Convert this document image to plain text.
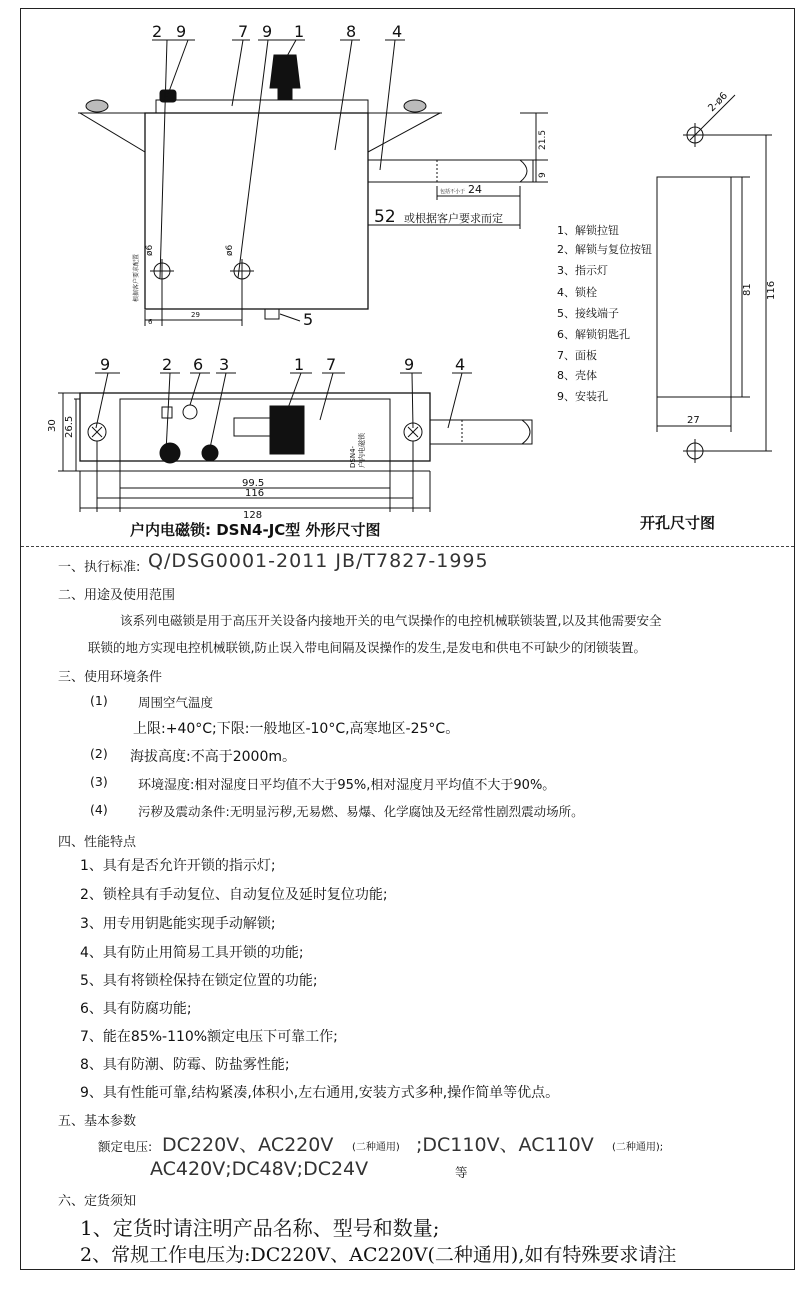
2 9	7 9 1	8 4
5
52 或根据客户要求而定
24
包括不小于
6
29
21.5
9
ø6	ø6
根据客户要求配置
9	2 6 3	1 7	9	4
99.5
116
128
30 26.5
DSN4- 户内电磁锁
户内电磁锁: DSN4-JC型 外形尺寸图	开孔尺寸图
2-ø6
81 116
27
1、解锁拉钮
2、解锁与复位按钮
3、指示灯
4、锁栓
5、接线端子
6、解锁钥匙孔
7、面板
8、壳体
9、安装孔
一、执行标准: Q/DSG0001-2011 JB/T7827-1995
二、用途及使用范围
该系列电磁锁是用于高压开关设备内接地开关的电气误操作的电控机械联锁装置,以及其他需要安全
联锁的地方实现电控机械联锁,防止误入带电间隔及误操作的发生,是发电和供电不可缺少的闭锁装置。
三、使用环境条件
(1) 周围空气温度
上限:+40°C;下限:一般地区-10°C,高寒地区-25°C。
(2) 海拔高度:不高于2000m。
(3) 环境湿度:相对湿度日平均值不大于95%,相对湿度月平均值不大于90%。
(4) 污秽及震动条件:无明显污秽,无易燃、易爆、化学腐蚀及无经常性剧烈震动场所。
四、性能特点
1、具有是否允许开锁的指示灯;
2、锁栓具有手动复位、自动复位及延时复位功能;
3、用专用钥匙能实现手动解锁;
4、具有防止用简易工具开锁的功能;
5、具有将锁栓保持在锁定位置的功能;
6、具有防腐功能;
7、能在85%-110%额定电压下可靠工作;
8、具有防潮、防霉、防盐雾性能;
9、具有性能可靠,结构紧凑,体积小,左右通用,安装方式多种,操作简单等优点。
五、基本参数
额定电压: DC220V、AC220V (二种通用) ;DC110V、AC110V (二种通用);
AC420V;DC48V;DC24V	等
六、定货须知
1、定货时请注明产品名称、型号和数量;
2、常规工作电压为:DC220V、AC220V(二种通用),如有特殊要求请注
